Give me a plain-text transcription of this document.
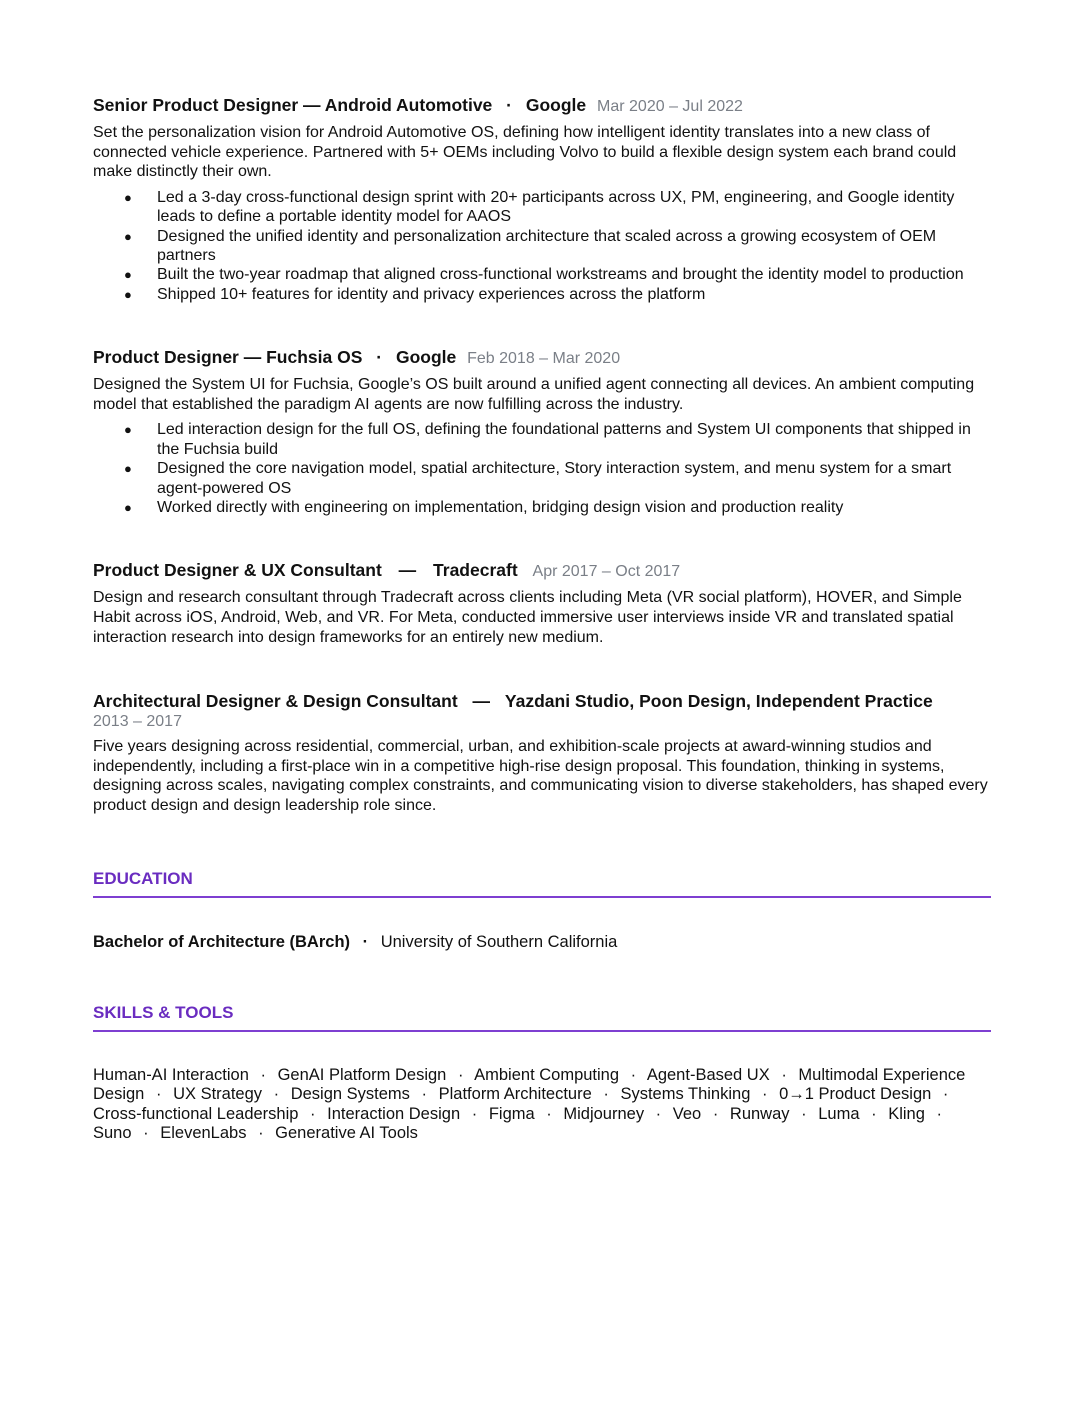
Senior Product Designer — Android Automotive · Google Mar 2020 – Jul 2022

Set the personalization vision for Android Automotive OS, defining how intelligent identity translates into a new class of connected vehicle experience. Partnered with 5+ OEMs including Volvo to build a flexible design system each brand could make distinctly their own.

● Led a 3-day cross-functional design sprint with 20+ participants across UX, PM, engineering, and Google identity leads to define a portable identity model for AAOS
● Designed the unified identity and personalization architecture that scaled across a growing ecosystem of OEM partners
● Built the two-year roadmap that aligned cross-functional workstreams and brought the identity model to production
● Shipped 10+ features for identity and privacy experiences across the platform
Product Designer — Fuchsia OS · Google Feb 2018 – Mar 2020

Designed the System UI for Fuchsia, Google’s OS built around a unified agent connecting all devices. An ambient computing model that established the paradigm AI agents are now fulfilling across the industry.

● Led interaction design for the full OS, defining the foundational patterns and System UI components that shipped in the Fuchsia build
● Designed the core navigation model, spatial architecture, Story interaction system, and menu system for a smart agent-powered OS
● Worked directly with engineering on implementation, bridging design vision and production reality
Product Designer & UX Consultant — Tradecraft Apr 2017 – Oct 2017

Design and research consultant through Tradecraft across clients including Meta (VR social platform), HOVER, and Simple Habit across iOS, Android, Web, and VR. For Meta, conducted immersive user interviews inside VR and translated spatial interaction research into design frameworks for an entirely new medium.

Architectural Designer & Design Consultant — Yazdani Studio, Poon Design, Independent Practice
2013 – 2017

Five years designing across residential, commercial, urban, and exhibition-scale projects at award-winning studios and independently, including a first-place win in a competitive high-rise design proposal. This foundation, thinking in systems, designing across scales, navigating complex constraints, and communicating vision to diverse stakeholders, has shaped every product design and design leadership role since.

EDUCATION
Bachelor of Architecture (BArch) · University of Southern California
SKILLS & TOOLS
Human-AI Interaction · GenAI Platform Design · Ambient Computing · Agent-Based UX · Multimodal Experience Design · UX Strategy · Design Systems · Platform Architecture · Systems Thinking · 0→1 Product Design · Cross-functional Leadership · Interaction Design · Figma · Midjourney · Veo · Runway · Luma · Kling · Suno · ElevenLabs · Generative AI Tools
